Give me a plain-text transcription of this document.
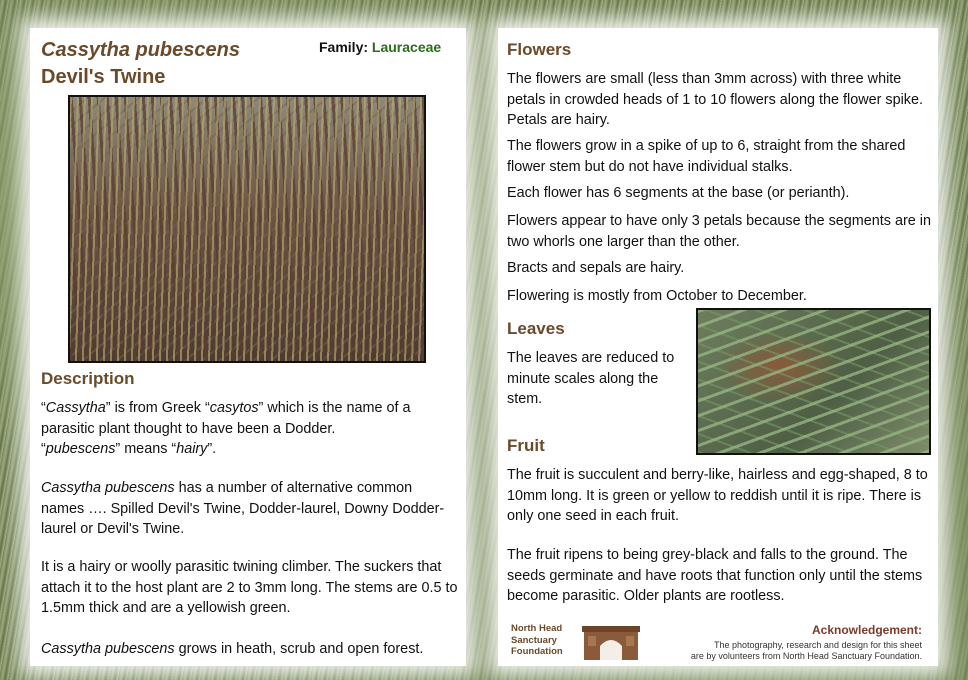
Cassytha pubescens
Devil's Twine
Family: Lauraceae
Description

“Cassytha” is from Greek “casytos” which is the name of a parasitic plant thought to have been a Dodder.
“pubescens” means “hairy”.

Cassytha pubescens has a number of alternative common names …. Spilled Devil's Twine, Dodder-laurel, Downy Dodder-laurel or Devil's Twine.

It is a hairy or woolly parasitic twining climber. The suckers that attach it to the host plant are 2 to 3mm long. The stems are 0.5 to 1.5mm thick and are a yellowish green.

Cassytha pubescens grows in heath, scrub and open forest.

Flowers

The flowers are small (less than 3mm across) with three white petals in crowded heads of 1 to 10 flowers along the flower spike. Petals are hairy.

The flowers grow in a spike of up to 6, straight from the shared flower stem but do not have individual stalks.

Each flower has 6 segments at the base (or perianth).

Flowers appear to have only 3 petals because the segments are in two whorls one larger than the other.

Bracts and sepals are hairy.

Flowering is mostly from October to December.

Leaves

The leaves are reduced to minute scales along the stem.

Fruit

The fruit is succulent and berry-like, hairless and egg-shaped, 8 to 10mm long. It is green or yellow to reddish until it is ripe. There is only one seed in each fruit.

The fruit ripens to being grey-black and falls to the ground. The seeds germinate and have roots that function only until the stems become parasitic. Older plants are rootless.

North Head
Sanctuary
Foundation
Acknowledgement:
The photography, research and design for this sheet
are by volunteers from North Head Sanctuary Foundation.
